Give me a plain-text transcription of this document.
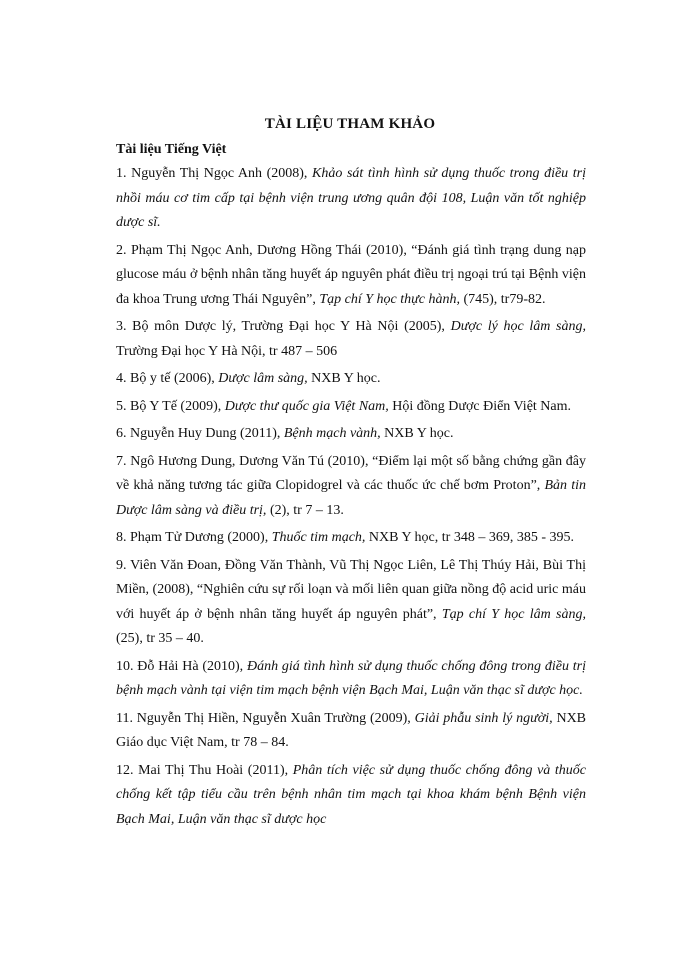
TÀI LIỆU THAM KHẢO
Tài liệu Tiếng Việt

1. Nguyễn Thị Ngọc Anh (2008), Khảo sát tình hình sử dụng thuốc trong điều trị nhồi máu cơ tim cấp tại bệnh viện trung ương quân đội 108, Luận văn tốt nghiệp dược sĩ.

2. Phạm Thị Ngọc Anh, Dương Hồng Thái (2010), “Đánh giá tình trạng dung nạp glucose máu ở bệnh nhân tăng huyết áp nguyên phát điều trị ngoại trú tại Bệnh viện đa khoa Trung ương Thái Nguyên”, Tạp chí Y học thực hành, (745), tr79-82.

3. Bộ môn Dược lý, Trường Đại học Y Hà Nội (2005), Dược lý học lâm sàng, Trường Đại học Y Hà Nội, tr 487 – 506

4. Bộ y tế (2006), Dược lâm sàng, NXB Y học.

5. Bộ Y Tế (2009), Dược thư quốc gia Việt Nam, Hội đồng Dược Điển Việt Nam.

6. Nguyễn Huy Dung (2011), Bệnh mạch vành, NXB Y học.

7. Ngô Hương Dung, Dương Văn Tú (2010), “Điểm lại một số bằng chứng gần đây về khả năng tương tác giữa Clopidogrel và các thuốc ức chế bơm Proton”, Bản tin Dược lâm sàng và điều trị, (2), tr 7 – 13.

8. Phạm Tử Dương (2000), Thuốc tim mạch, NXB Y học, tr 348 – 369, 385 - 395.

9. Viên Văn Đoan, Đồng Văn Thành, Vũ Thị Ngọc Liên, Lê Thị Thúy Hải, Bùi Thị Miền, (2008), “Nghiên cứu sự rối loạn và mối liên quan giữa nồng độ acid uric máu với huyết áp ở bệnh nhân tăng huyết áp nguyên phát”, Tạp chí Y học lâm sàng, (25), tr 35 – 40.

10. Đỗ Hải Hà (2010), Đánh giá tình hình sử dụng thuốc chống đông trong điều trị bệnh mạch vành tại viện tim mạch bệnh viện Bạch Mai, Luận văn thạc sĩ dược học.

11. Nguyễn Thị Hiền, Nguyễn Xuân Trường (2009), Giải phẫu sinh lý người, NXB Giáo dục Việt Nam, tr 78 – 84.

12. Mai Thị Thu Hoài (2011), Phân tích việc sử dụng thuốc chống đông và thuốc chống kết tập tiểu cầu trên bệnh nhân tim mạch tại khoa khám bệnh Bệnh viện Bạch Mai, Luận văn thạc sĩ dược học
